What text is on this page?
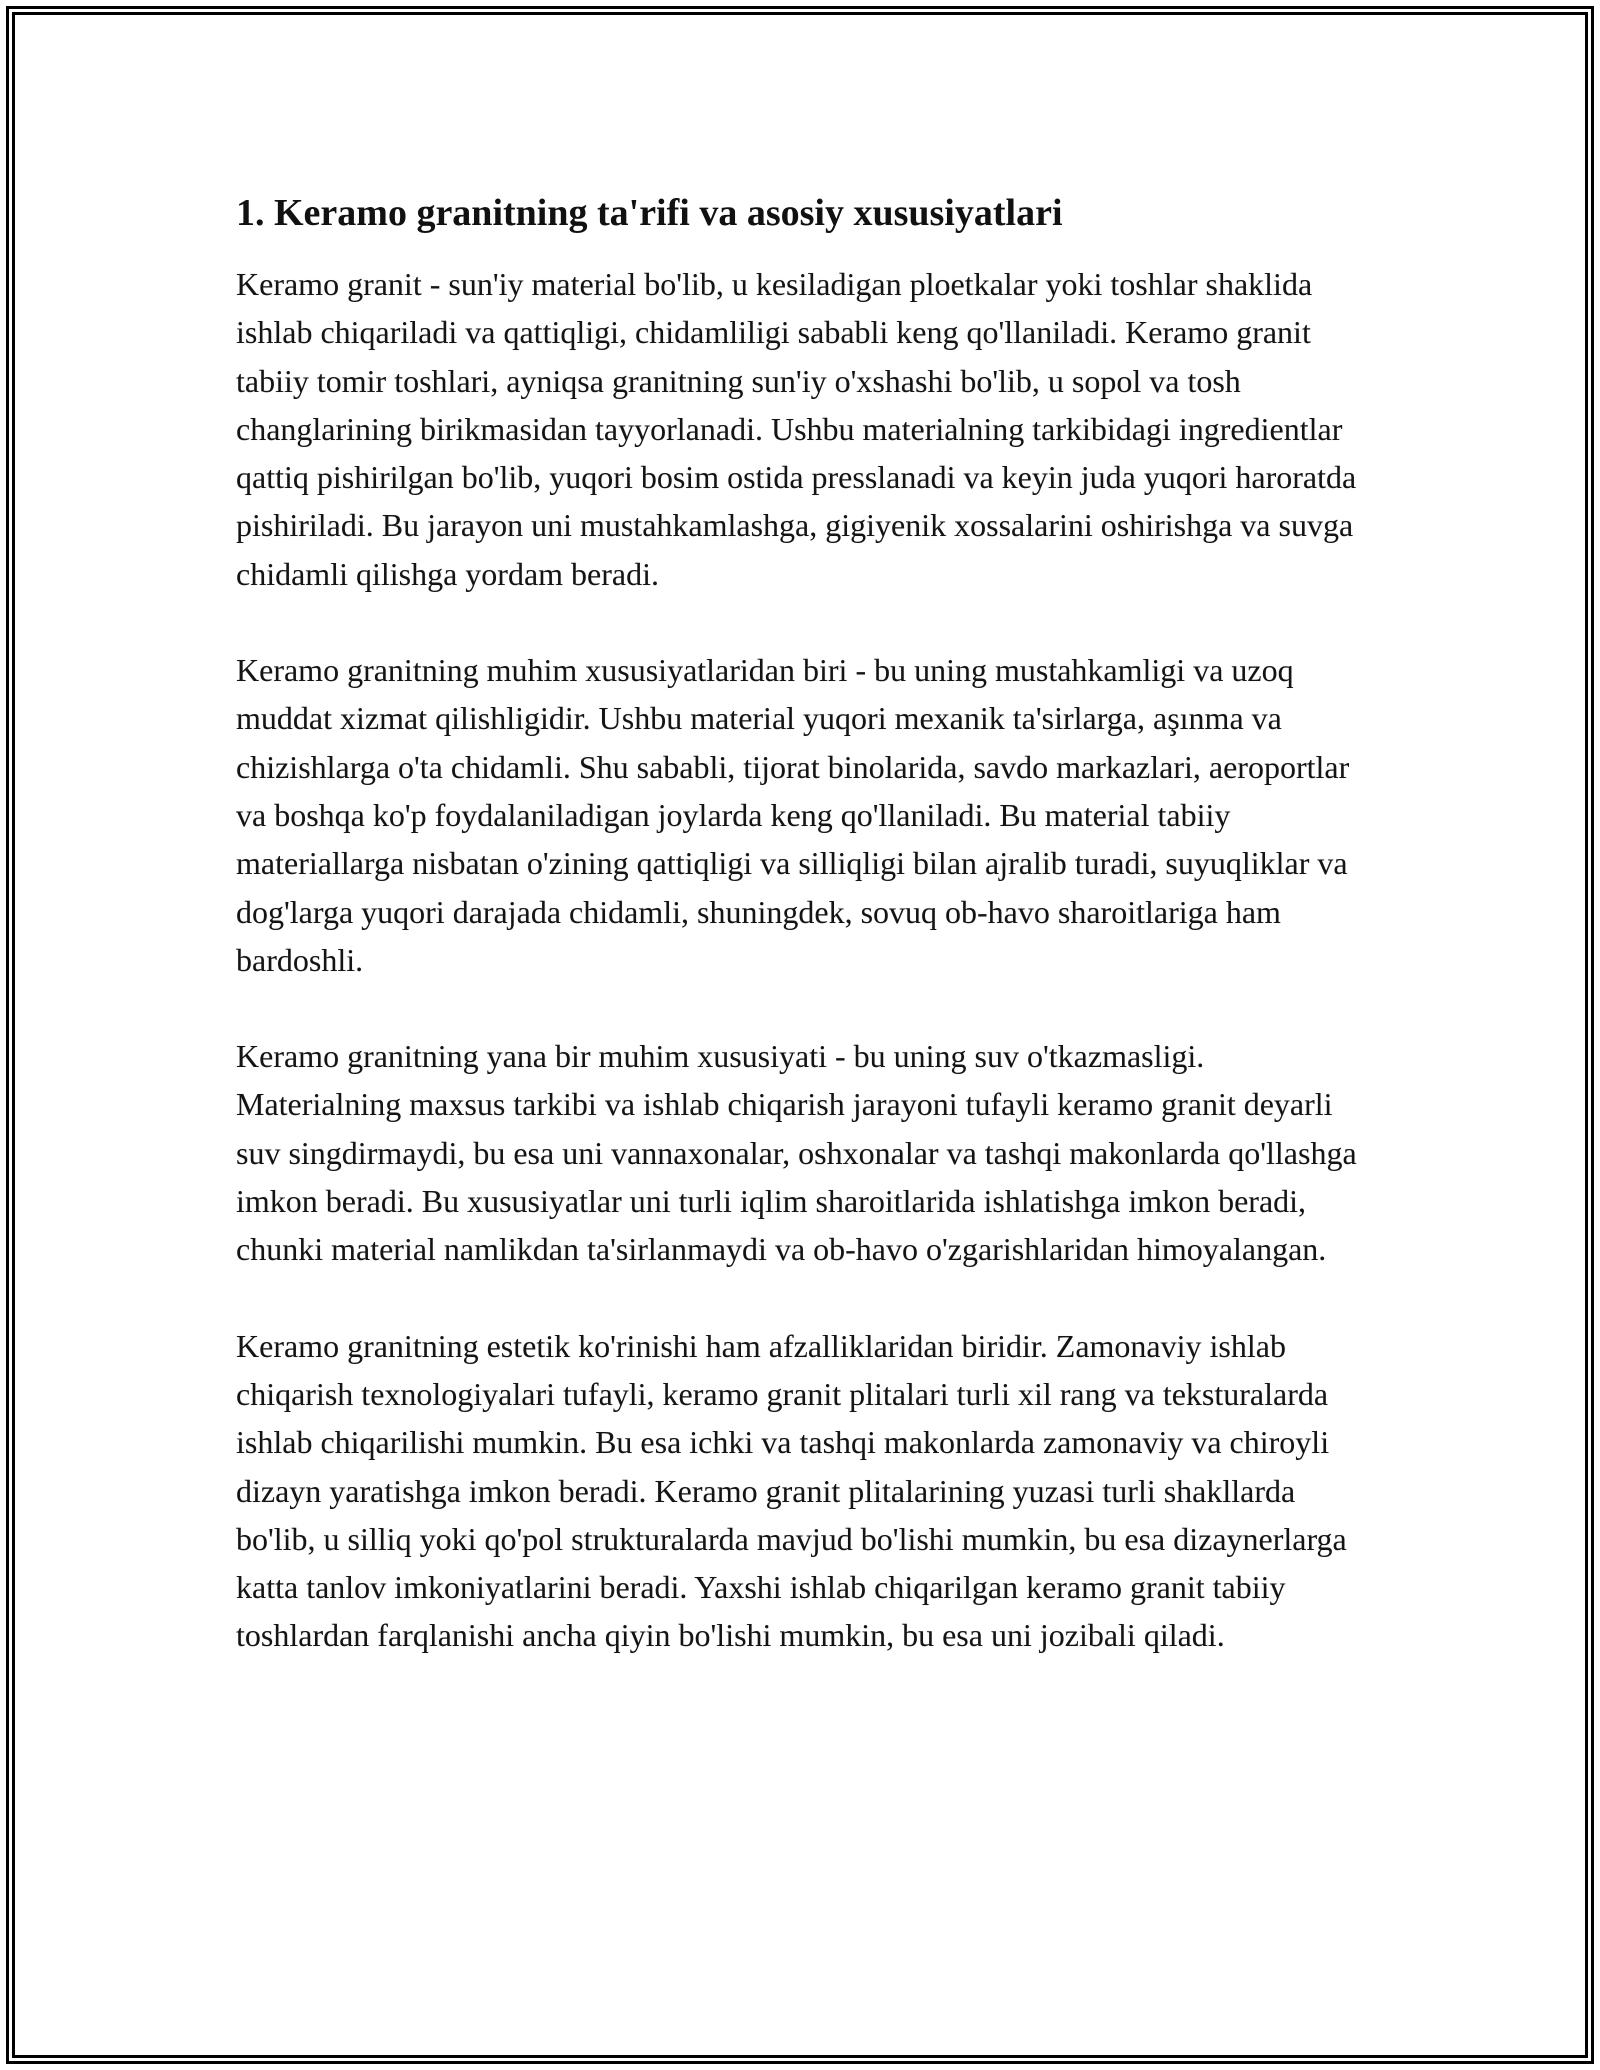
1. Keramo granitning ta'rifi va asosiy xususiyatlari

Keramo granit - sun'iy material bo'lib, u kesiladigan ploetkalar yoki toshlar shaklida ishlab chiqariladi va qattiqligi, chidamliligi sababli keng qo'llaniladi. Keramo granit tabiiy tomir toshlari, ayniqsa granitning sun'iy o'xshashi bo'lib, u sopol va tosh changlarining birikmasidan tayyorlanadi. Ushbu materialning tarkibidagi ingredientlar qattiq pishirilgan bo'lib, yuqori bosim ostida presslanadi va keyin juda yuqori haroratda pishiriladi. Bu jarayon uni mustahkamlashga, gigiyenik xossalarini oshirishga va suvga chidamli qilishga yordam beradi.

Keramo granitning muhim xususiyatlaridan biri - bu uning mustahkamligi va uzoq muddat xizmat qilishligidir. Ushbu material yuqori mexanik ta'sirlarga, aşınma va chizishlarga o'ta chidamli. Shu sababli, tijorat binolarida, savdo markazlari, aeroportlar va boshqa ko'p foydalaniladigan joylarda keng qo'llaniladi. Bu material tabiiy materiallarga nisbatan o'zining qattiqligi va silliqligi bilan ajralib turadi, suyuqliklar va dog'larga yuqori darajada chidamli, shuningdek, sovuq ob-havo sharoitlariga ham bardoshli.

Keramo granitning yana bir muhim xususiyati - bu uning suv o'tkazmasligi. Materialning maxsus tarkibi va ishlab chiqarish jarayoni tufayli keramo granit deyarli suv singdirmaydi, bu esa uni vannaxonalar, oshxonalar va tashqi makonlarda qo'llashga imkon beradi. Bu xususiyatlar uni turli iqlim sharoitlarida ishlatishga imkon beradi, chunki material namlikdan ta'sirlanmaydi va ob-havo o'zgarishlaridan himoyalangan.

Keramo granitning estetik ko'rinishi ham afzalliklaridan biridir. Zamonaviy ishlab chiqarish texnologiyalari tufayli, keramo granit plitalari turli xil rang va teksturalarda ishlab chiqarilishi mumkin. Bu esa ichki va tashqi makonlarda zamonaviy va chiroyli dizayn yaratishga imkon beradi. Keramo granit plitalarining yuzasi turli shakllarda bo'lib, u silliq yoki qo'pol strukturalarda mavjud bo'lishi mumkin, bu esa dizaynerlarga katta tanlov imkoniyatlarini beradi. Yaxshi ishlab chiqarilgan keramo granit tabiiy toshlardan farqlanishi ancha qiyin bo'lishi mumkin, bu esa uni jozibali qiladi.
